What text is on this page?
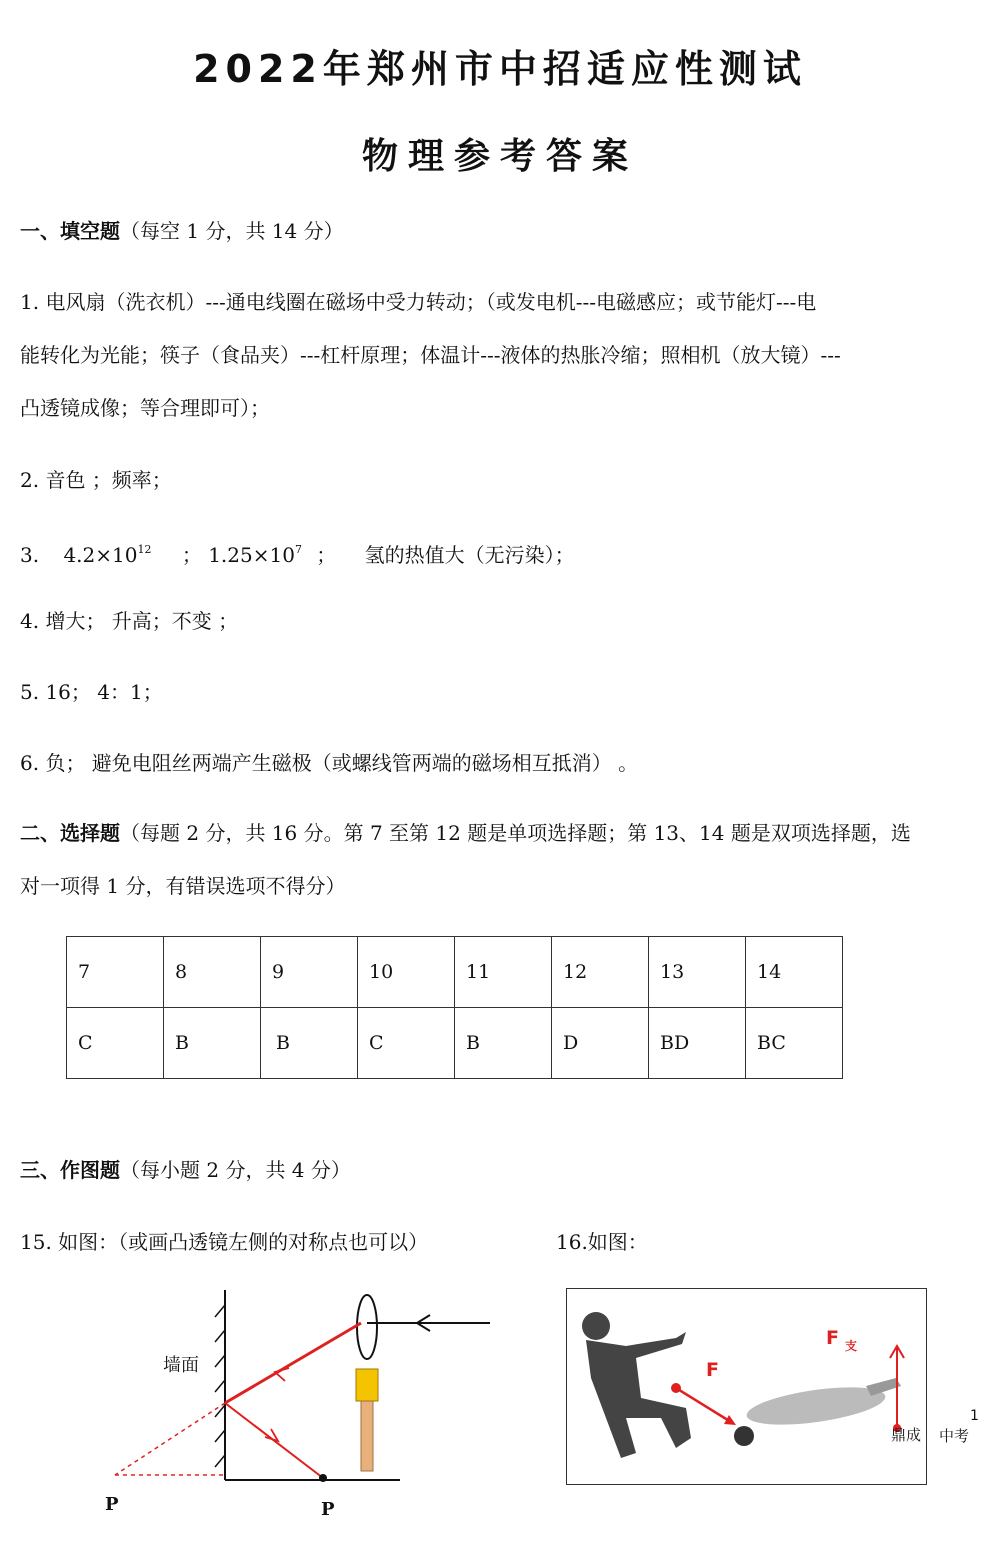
2022年郑州市中招适应性测试
物理参考答案
一、填空题（每空 1 分，共 14 分）
1. 电风扇（洗衣机）---通电线圈在磁场中受力转动；（或发电机---电磁感应；或节能灯---电
能转化为光能；筷子（食品夹）---杠杆原理；体温计---液体的热胀冷缩；照相机（放大镜）---
凸透镜成像；等合理即可）；
2. 音色 ；频率；
3. $4.2\times 10^{12}$ ； $1.25\times 10^7$ ； 氢的热值大（无污染）；
4. 增大； 升高；不变 ；
5. 16； 4：1；
6. 负； 避免电阻丝两端产生磁极（或螺线管两端的磁场相互抵消） 。
二、选择题（每题 2 分，共 16 分。第 7 至第 12 题是单项选择题；第 13、14 题是双项选择题，选
对一项得 1 分，有错误选项不得分）
7	8	9	10	11	12	13	14
C	B	B	C	B	D	BD	BC
三、作图题（每小题 2 分，共 4 分）
15. 如图：（或画凸透镜左侧的对称点也可以）	16.如图：
墙面
P	P
F
F 支
鼎成 中考
1
